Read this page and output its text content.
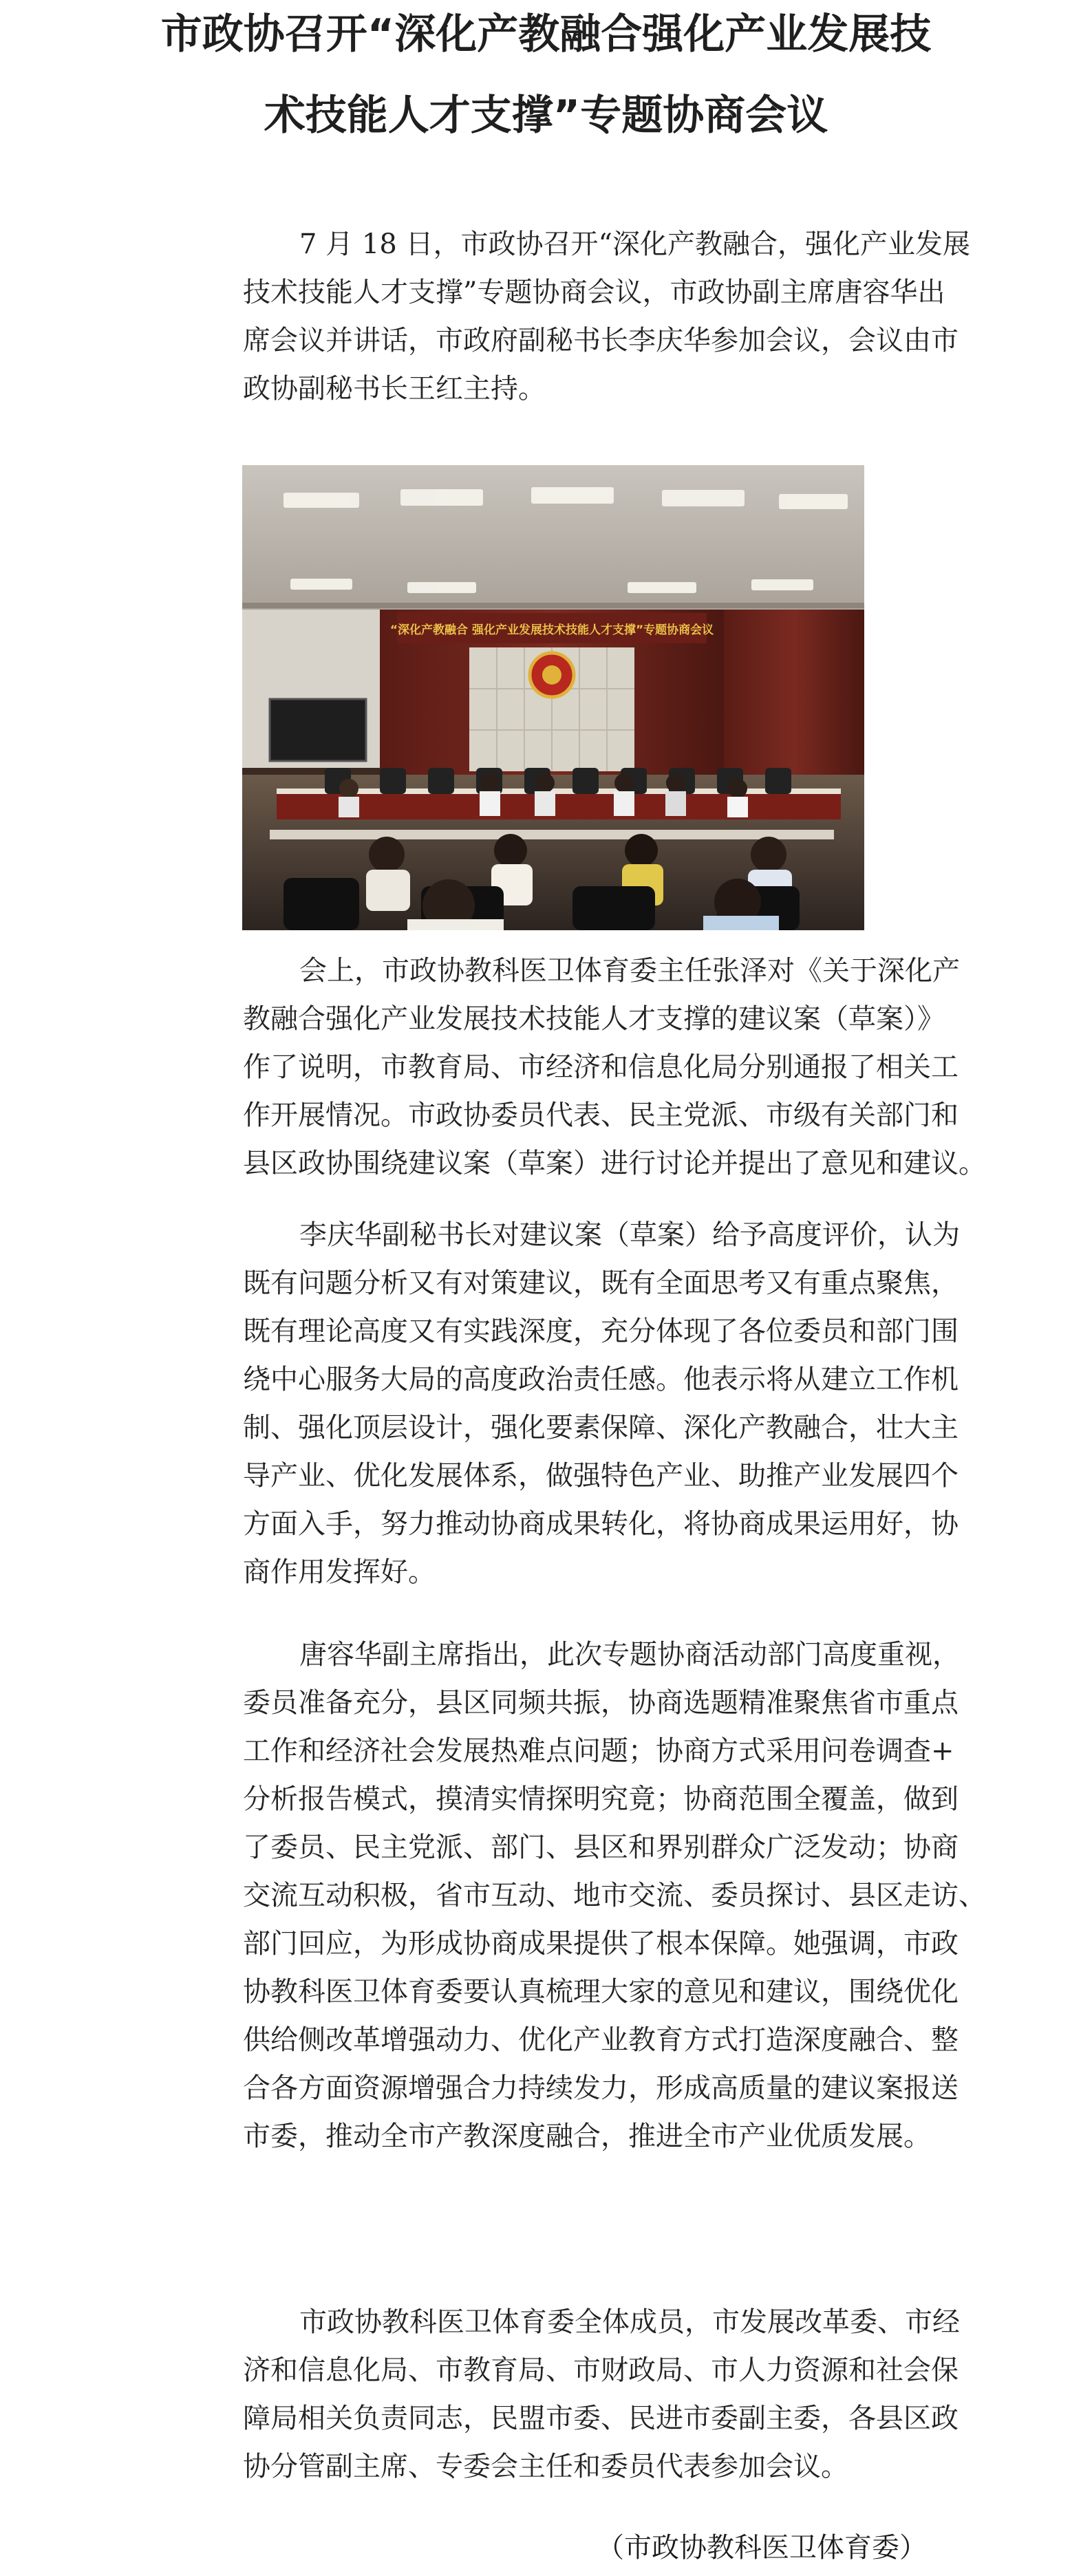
市政协召开“深化产教融合强化产业发展技
术技能人才支撑”专题协商会议
7 月 18 日，市政协召开“深化产教融合，强化产业发展
技术技能人才支撑”专题协商会议，市政协副主席唐容华出
席会议并讲话，市政府副秘书长李庆华参加会议，会议由市
政协副秘书长王红主持。
“深化产教融合 强化产业发展技术技能人才支撑”专题协商会议
会上，市政协教科医卫体育委主任张泽对《关于深化产
教融合强化产业发展技术技能人才支撑的建议案（草案）》
作了说明，市教育局、市经济和信息化局分别通报了相关工
作开展情况。市政协委员代表、民主党派、市级有关部门和
县区政协围绕建议案（草案）进行讨论并提出了意见和建议。
李庆华副秘书长对建议案（草案）给予高度评价，认为
既有问题分析又有对策建议，既有全面思考又有重点聚焦，
既有理论高度又有实践深度，充分体现了各位委员和部门围
绕中心服务大局的高度政治责任感。他表示将从建立工作机
制、强化顶层设计，强化要素保障、深化产教融合，壮大主
导产业、优化发展体系，做强特色产业、助推产业发展四个
方面入手，努力推动协商成果转化，将协商成果运用好，协
商作用发挥好。
唐容华副主席指出，此次专题协商活动部门高度重视，
委员准备充分，县区同频共振，协商选题精准聚焦省市重点
工作和经济社会发展热难点问题；协商方式采用问卷调查+
分析报告模式，摸清实情探明究竟；协商范围全覆盖，做到
了委员、民主党派、部门、县区和界别群众广泛发动；协商
交流互动积极，省市互动、地市交流、委员探讨、县区走访、
部门回应，为形成协商成果提供了根本保障。她强调，市政
协教科医卫体育委要认真梳理大家的意见和建议，围绕优化
供给侧改革增强动力、优化产业教育方式打造深度融合、整
合各方面资源增强合力持续发力，形成高质量的建议案报送
市委，推动全市产教深度融合，推进全市产业优质发展。
市政协教科医卫体育委全体成员，市发展改革委、市经
济和信息化局、市教育局、市财政局、市人力资源和社会保
障局相关负责同志，民盟市委、民进市委副主委，各县区政
协分管副主席、专委会主任和委员代表参加会议。
（市政协教科医卫体育委）
